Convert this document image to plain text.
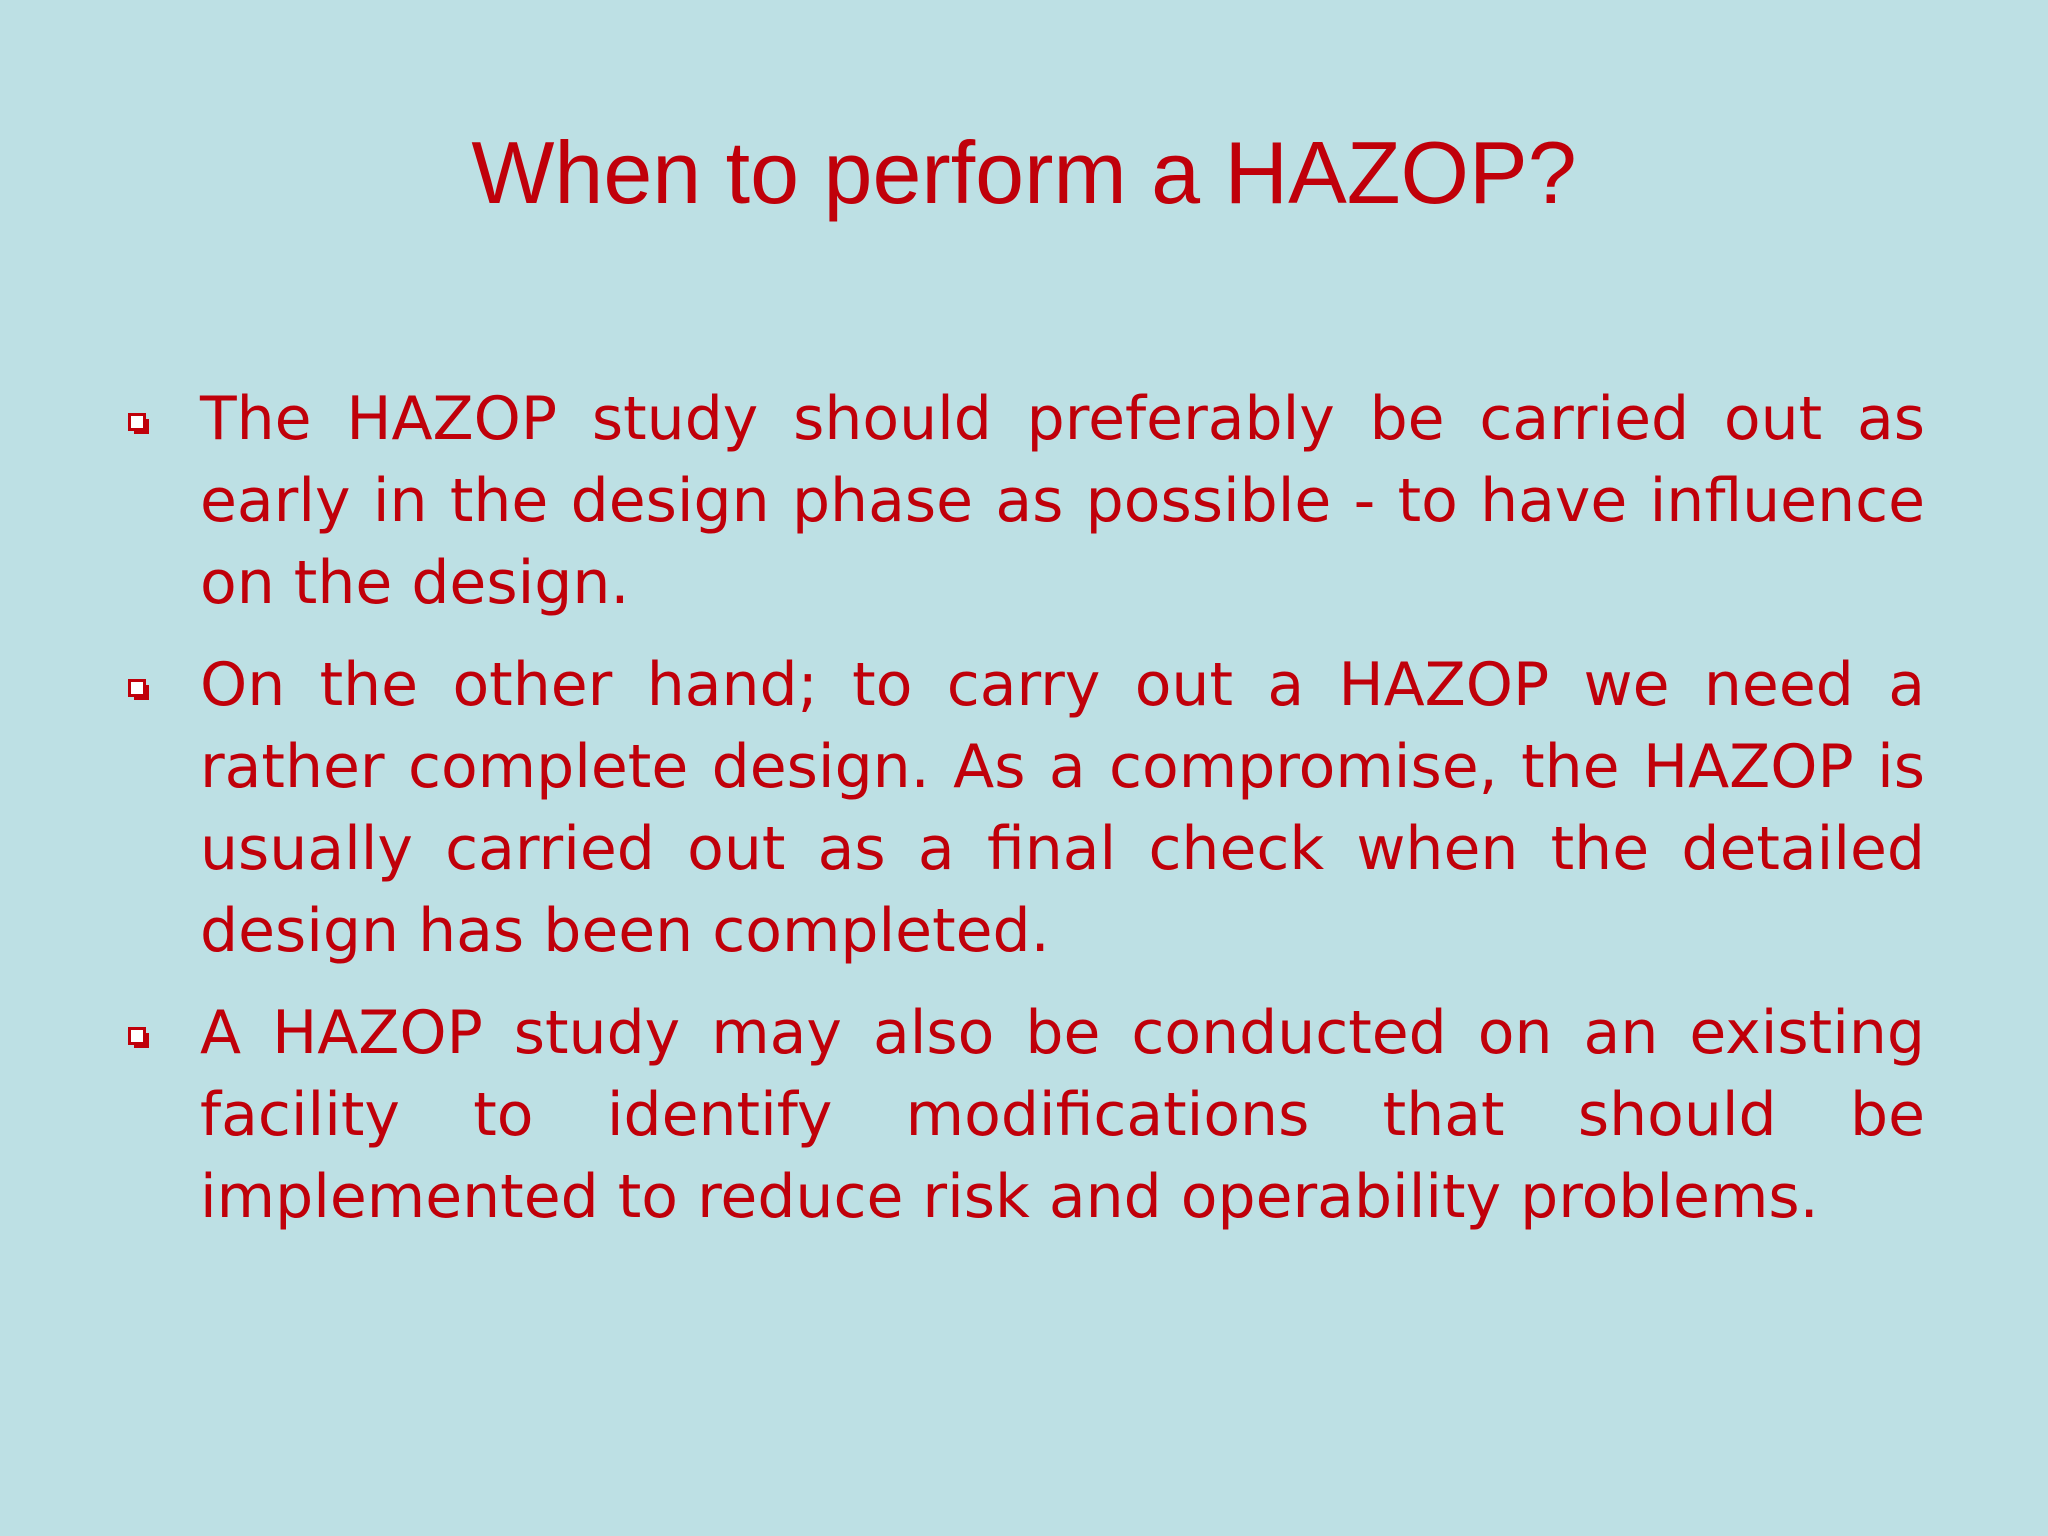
When to perform a HAZOP?
The HAZOP study should preferably be carried out as early in the design phase as possible - to have influence on the design.
On the other hand; to carry out a HAZOP we need a rather complete design. As a compromise, the HAZOP is usually carried out as a final check when the detailed design has been completed.
A HAZOP study may also be conducted on an existing facility to identify modifications that should be implemented to reduce risk and operability problems.
